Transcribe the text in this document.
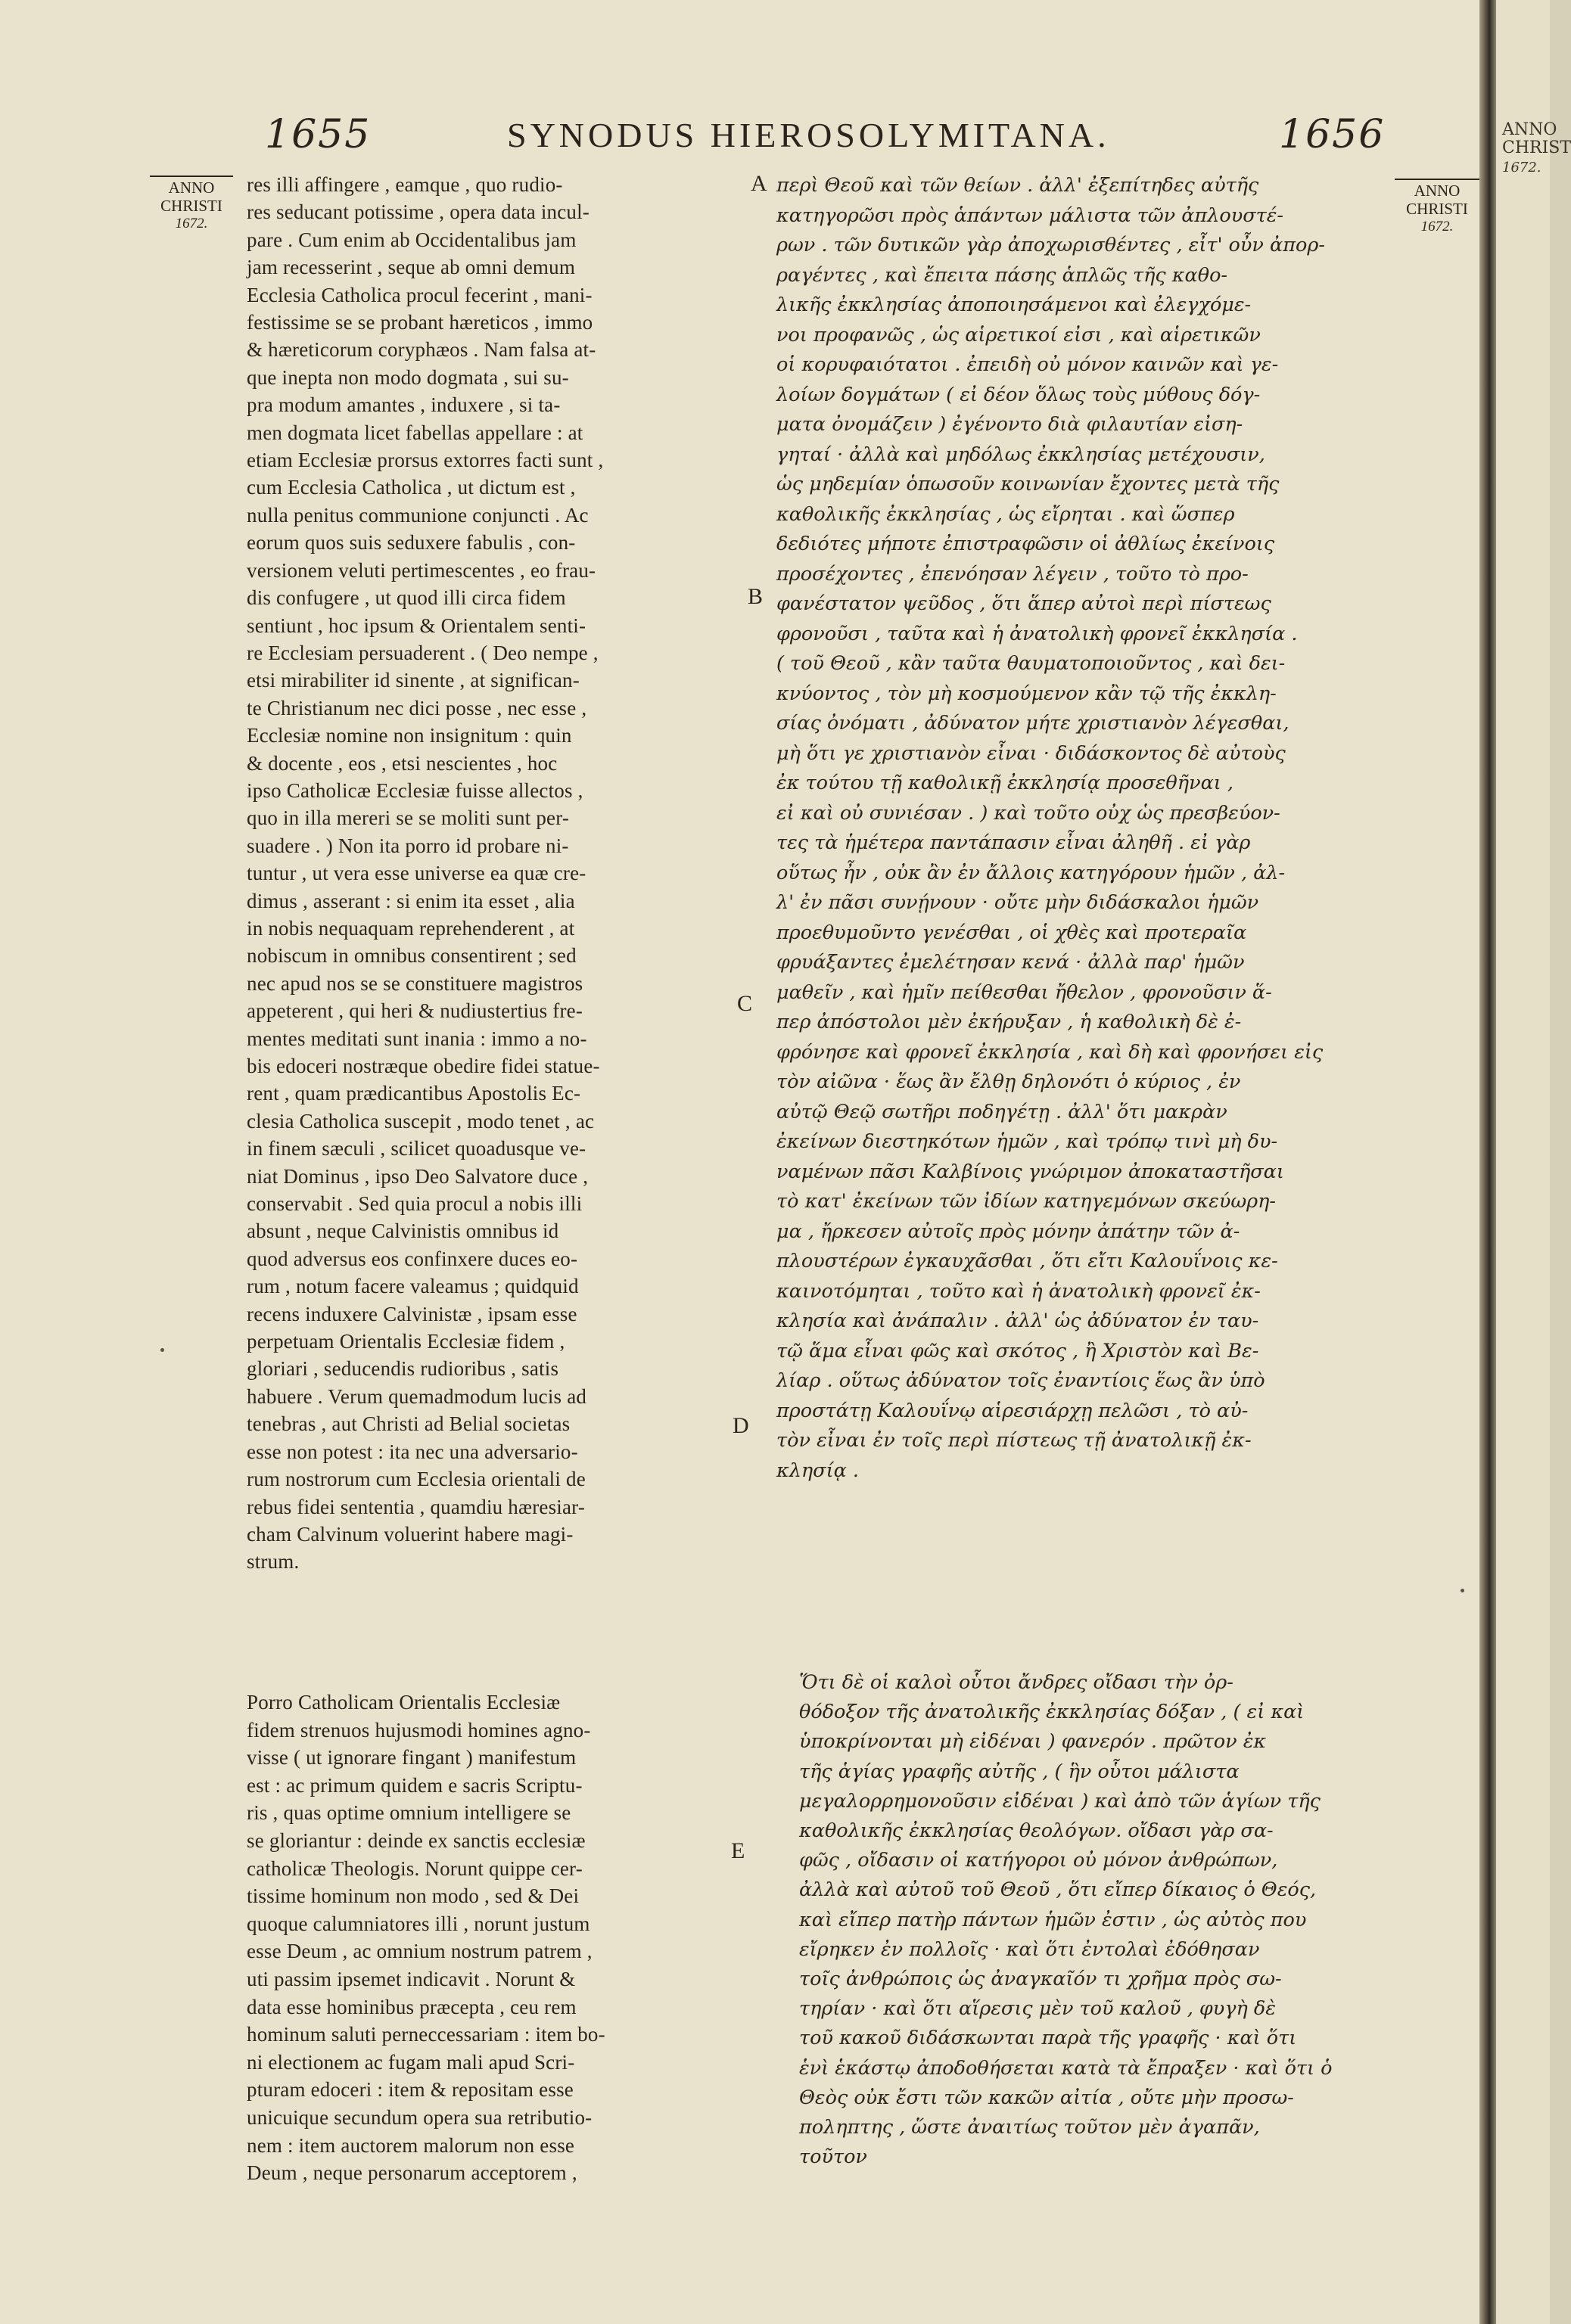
1655	SYNODUS HIEROSOLYMITANA.	1656
ANNO
CHRISTI
1672.
ANNO
CHRISTI
1672.
A
B
C
D
E
res illi affingere , eamque , quo rudio-
res seducant potissime , opera data incul-
pare . Cum enim ab Occidentalibus jam
jam recesserint , seque ab omni demum
Ecclesia Catholica procul fecerint , mani-
festissime se se probant hæreticos , immo
& hæreticorum coryphæos . Nam falsa at-
que inepta non modo dogmata , sui su-
pra modum amantes , induxere , si ta-
men dogmata licet fabellas appellare : at
etiam Ecclesiæ prorsus extorres facti sunt ,
cum Ecclesia Catholica , ut dictum est ,
nulla penitus communione conjuncti . Ac
eorum quos suis seduxere fabulis , con-
versionem veluti pertimescentes , eo frau-
dis confugere , ut quod illi circa fidem
sentiunt , hoc ipsum & Orientalem senti-
re Ecclesiam persuaderent . ( Deo nempe ,
etsi mirabiliter id sinente , at significan-
te Christianum nec dici posse , nec esse ,
Ecclesiæ nomine non insignitum : quin
& docente , eos , etsi nescientes , hoc
ipso Catholicæ Ecclesiæ fuisse allectos ,
quo in illa mereri se se moliti sunt per-
suadere . ) Non ita porro id probare ni-
tuntur , ut vera esse universe ea quæ cre-
dimus , asserant : si enim ita esset , alia
in nobis nequaquam reprehenderent , at
nobiscum in omnibus consentirent ; sed
nec apud nos se se constituere magistros
appeterent , qui heri & nudiustertius fre-
mentes meditati sunt inania : immo a no-
bis edoceri nostræque obedire fidei statue-
rent , quam prædicantibus Apostolis Ec-
clesia Catholica suscepit , modo tenet , ac
in finem sæculi , scilicet quoadusque ve-
niat Dominus , ipso Deo Salvatore duce ,
conservabit . Sed quia procul a nobis illi
absunt , neque Calvinistis omnibus id
quod adversus eos confinxere duces eo-
rum , notum facere valeamus ; quidquid
recens induxere Calvinistæ , ipsam esse
perpetuam Orientalis Ecclesiæ fidem ,
gloriari , seducendis rudioribus , satis
habuere . Verum quemadmodum lucis ad
tenebras , aut Christi ad Belial societas
esse non potest : ita nec una adversario-
rum nostrorum cum Ecclesia orientali de
rebus fidei sententia , quamdiu hæresiar-
cham Calvinum voluerint habere magi-
strum.
Porro Catholicam Orientalis Ecclesiæ
fidem strenuos hujusmodi homines agno-
visse ( ut ignorare fingant ) manifestum
est : ac primum quidem e sacris Scriptu-
ris , quas optime omnium intelligere se
se gloriantur : deinde ex sanctis ecclesiæ
catholicæ Theologis. Norunt quippe cer-
tissime hominum non modo , sed & Dei
quoque calumniatores illi , norunt justum
esse Deum , ac omnium nostrum patrem ,
uti passim ipsemet indicavit . Norunt &
data esse hominibus præcepta , ceu rem
hominum saluti perneccessariam : item bo-
ni electionem ac fugam mali apud Scri-
pturam edoceri : item & repositam esse
unicuique secundum opera sua retributio-
nem : item auctorem malorum non esse
Deum , neque personarum acceptorem ,
περὶ Θεοῦ καὶ τῶν θείων . ἀλλ' ἐξεπίτηδες αὐτῆς
κατηγορῶσι πρὸς ἁπάντων μάλιστα τῶν ἀπλουστέ-
ρων . τῶν δυτικῶν γὰρ ἀποχωρισθέντες , εἶτ' οὖν ἀπορ-
ραγέντες , καὶ ἔπειτα πάσης ἁπλῶς τῆς καθο-
λικῆς ἐκκλησίας ἀποποιησάμενοι καὶ ἐλεγχόμε-
νοι προφανῶς , ὡς αἱρετικοί εἰσι , καὶ αἱρετικῶν
οἱ κορυφαιότατοι . ἐπειδὴ οὐ μόνον καινῶν καὶ γε-
λοίων δογμάτων ( εἰ δέον ὅλως τοὺς μύθους δόγ-
ματα ὀνομάζειν ) ἐγένοντο διὰ φιλαυτίαν εἰση-
γηταί · ἀλλὰ καὶ μηδόλως ἐκκλησίας μετέχουσιν,
ὡς μηδεμίαν ὁπωσοῦν κοινωνίαν ἔχοντες μετὰ τῆς
καθολικῆς ἐκκλησίας , ὡς εἴρηται . καὶ ὥσπερ
δεδιότες μήποτε ἐπιστραφῶσιν οἱ ἀθλίως ἐκείνοις
προσέχοντες , ἐπενόησαν λέγειν , τοῦτο τὸ προ-
φανέστατον ψεῦδος , ὅτι ἅπερ αὐτοὶ περὶ πίστεως
φρονοῦσι , ταῦτα καὶ ἡ ἀνατολικὴ φρονεῖ ἐκκλησία .
( τοῦ Θεοῦ , κἂν ταῦτα θαυματοποιοῦντος , καὶ δει-
κνύοντος , τὸν μὴ κοσμούμενον κἂν τῷ τῆς ἐκκλη-
σίας ὀνόματι , ἀδύνατον μήτε χριστιανὸν λέγεσθαι,
μὴ ὅτι γε χριστιανὸν εἶναι · διδάσκοντος δὲ αὐτοὺς
ἐκ τούτου τῇ καθολικῇ ἐκκλησίᾳ προσεθῆναι ,
εἰ καὶ οὐ συνιέσαν . ) καὶ τοῦτο οὐχ ὡς πρεσβεύον-
τες τὰ ἡμέτερα παντάπασιν εἶναι ἀληθῆ . εἰ γὰρ
οὕτως ἦν , οὐκ ἂν ἐν ἄλλοις κατηγόρουν ἡμῶν , ἀλ-
λ' ἐν πᾶσι συνῄνουν · οὔτε μὴν διδάσκαλοι ἡμῶν
προεθυμοῦντο γενέσθαι , οἱ χθὲς καὶ προτεραῖα
φρυάξαντες ἐμελέτησαν κενά · ἀλλὰ παρ' ἡμῶν
μαθεῖν , καὶ ἡμῖν πείθεσθαι ἤθελον , φρονοῦσιν ἅ-
περ ἀπόστολοι μὲν ἐκήρυξαν , ἡ καθολικὴ δὲ ἐ-
φρόνησε καὶ φρονεῖ ἐκκλησία , καὶ δὴ καὶ φρονήσει εἰς
τὸν αἰῶνα · ἕως ἂν ἔλθῃ δηλονότι ὁ κύριος , ἐν
αὐτῷ Θεῷ σωτῆρι ποδηγέτῃ . ἀλλ' ὅτι μακρὰν
ἐκείνων διεστηκότων ἡμῶν , καὶ τρόπῳ τινὶ μὴ δυ-
ναμένων πᾶσι Καλβίνοις γνώριμον ἀποκαταστῆσαι
τὸ κατ' ἐκείνων τῶν ἰδίων κατηγεμόνων σκεύωρη-
μα , ἤρκεσεν αὐτοῖς πρὸς μόνην ἀπάτην τῶν ἀ-
πλουστέρων ἐγκαυχᾶσθαι , ὅτι εἴτι Καλουΐνοις κε-
καινοτόμηται , τοῦτο καὶ ἡ ἀνατολικὴ φρονεῖ ἐκ-
κλησία καὶ ἀνάπαλιν . ἀλλ' ὡς ἀδύνατον ἐν ταυ-
τῷ ἅμα εἶναι φῶς καὶ σκότος , ἢ Χριστὸν καὶ Βε-
λίαρ . οὕτως ἀδύνατον τοῖς ἐναντίοις ἕως ἂν ὑπὸ
προστάτῃ Καλουΐνῳ αἱρεσιάρχῃ πελῶσι , τὸ αὐ-
τὸν εἶναι ἐν τοῖς περὶ πίστεως τῇ ἀνατολικῇ ἐκ-
κλησίᾳ .
Ὅτι δὲ οἱ καλοὶ οὗτοι ἄνδρες οἴδασι τὴν ὀρ-
θόδοξον τῆς ἀνατολικῆς ἐκκλησίας δόξαν , ( εἰ καὶ
ὑποκρίνονται μὴ εἰδέναι ) φανερόν . πρῶτον ἐκ
τῆς ἁγίας γραφῆς αὐτῆς , ( ἣν οὗτοι μάλιστα
μεγαλορρημονοῦσιν εἰδέναι ) καὶ ἀπὸ τῶν ἁγίων τῆς
καθολικῆς ἐκκλησίας θεολόγων. οἴδασι γὰρ σα-
φῶς , οἴδασιν οἱ κατήγοροι οὐ μόνον ἀνθρώπων,
ἀλλὰ καὶ αὐτοῦ τοῦ Θεοῦ , ὅτι εἴπερ δίκαιος ὁ Θεός,
καὶ εἴπερ πατὴρ πάντων ἡμῶν ἐστιν , ὡς αὐτὸς που
εἴρηκεν ἐν πολλοῖς · καὶ ὅτι ἐντολαὶ ἐδόθησαν
τοῖς ἀνθρώποις ὡς ἀναγκαῖόν τι χρῆμα πρὸς σω-
τηρίαν · καὶ ὅτι αἵρεσις μὲν τοῦ καλοῦ , φυγὴ δὲ
τοῦ κακοῦ διδάσκωνται παρὰ τῆς γραφῆς · καὶ ὅτι
ἑνὶ ἑκάστῳ ἀποδοθήσεται κατὰ τὰ ἔπραξεν · καὶ ὅτι ὁ
Θεὸς οὐκ ἔστι τῶν κακῶν αἰτία , οὔτε μὴν προσω-
ποληπτης , ὥστε ἀναιτίως τοῦτον μὲν ἀγαπᾶν,
τοῦτον
ANNO
CHRIST
1672.
